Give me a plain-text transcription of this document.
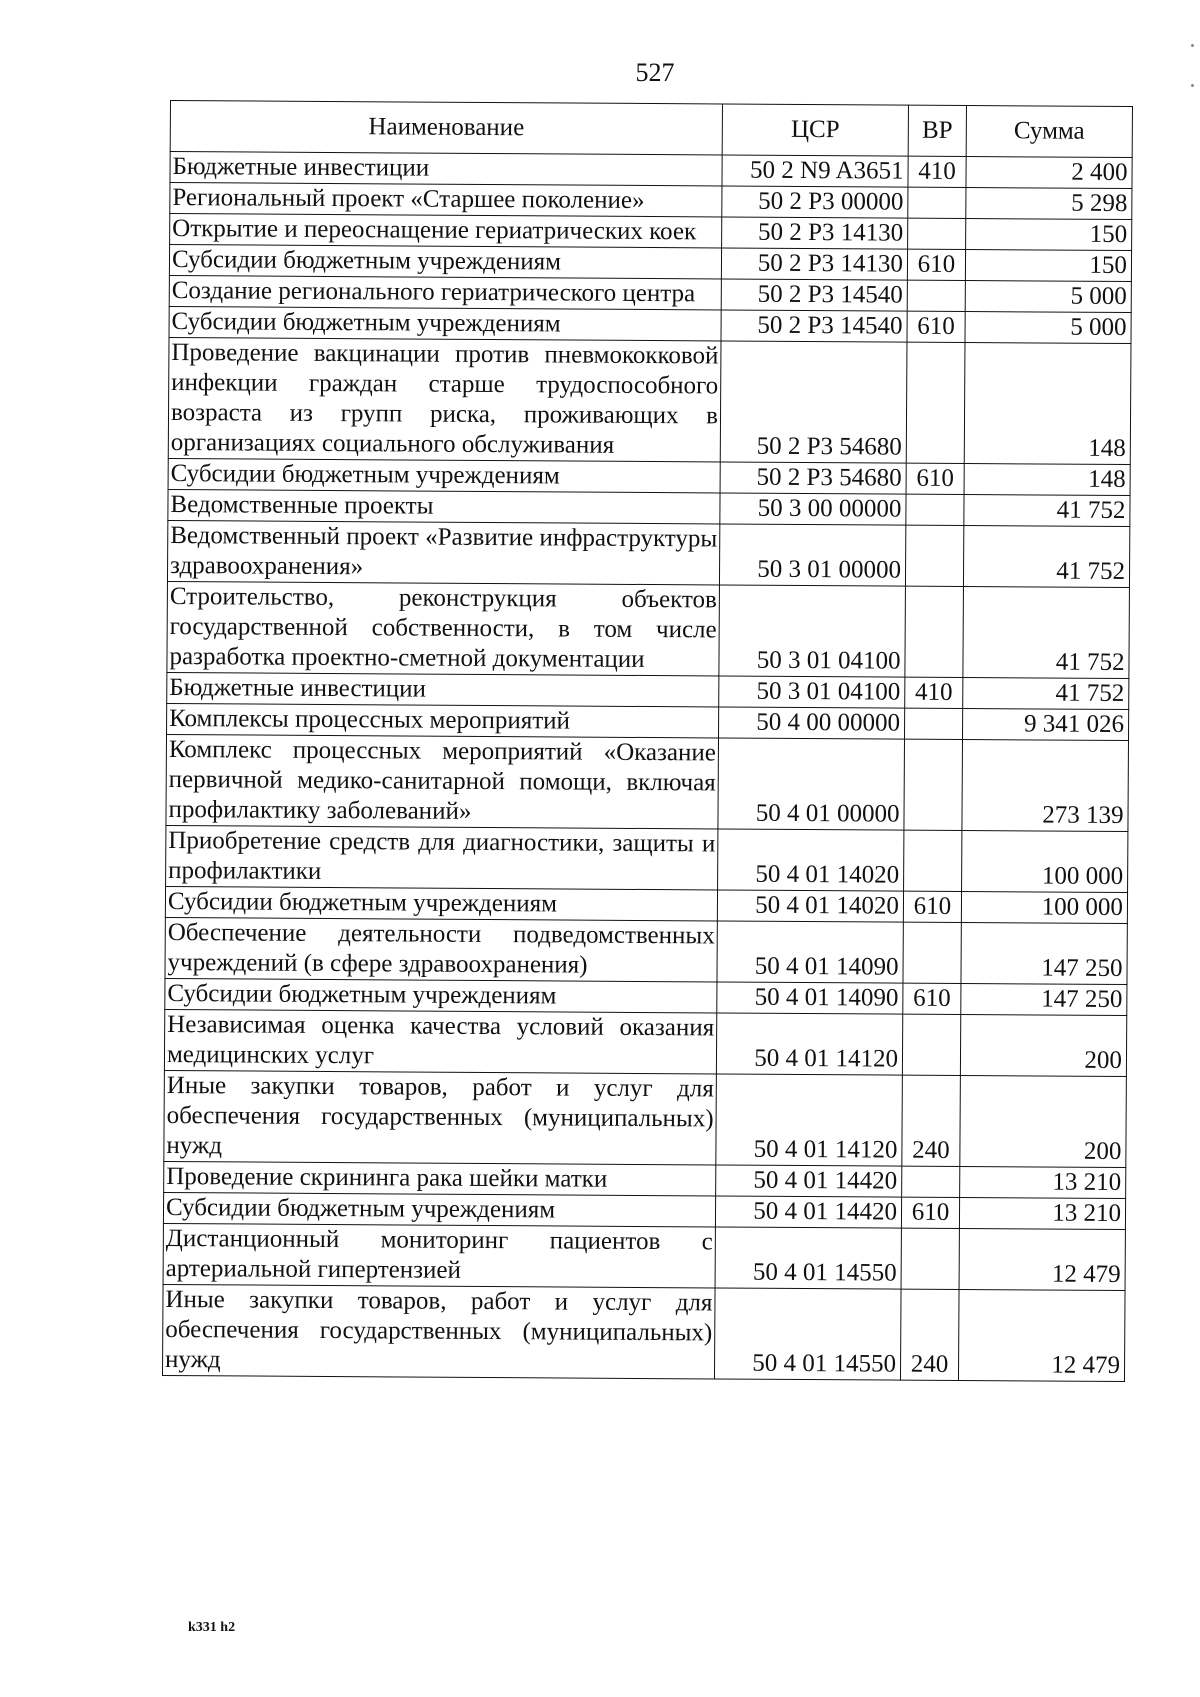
527
Наименование	ЦСР	ВР	Сумма
Бюджетные инвестиции	50 2 N9 A3651	410	2 400
Региональный проект «Старшее поколение»	50 2 P3 00000		5 298
Открытие и переоснащение гериатрических коек	50 2 P3 14130		150
Субсидии бюджетным учреждениям	50 2 P3 14130	610	150
Создание регионального гериатрического центра	50 2 P3 14540		5 000
Субсидии бюджетным учреждениям	50 2 P3 14540	610	5 000
Проведение вакцинации против пневмококковой инфекции граждан старше трудоспособного возраста из групп риска, проживающих в организациях социального обслуживания	50 2 P3 54680		148
Субсидии бюджетным учреждениям	50 2 P3 54680	610	148
Ведомственные проекты	50 3 00 00000		41 752
Ведомственный проект «Развитие инфраструктуры здравоохранения»	50 3 01 00000		41 752
Строительство, реконструкция объектов государственной собственности, в том числе разработка проектно-сметной документации	50 3 01 04100		41 752
Бюджетные инвестиции	50 3 01 04100	410	41 752
Комплексы процессных мероприятий	50 4 00 00000		9 341 026
Комплекс процессных мероприятий «Оказание первичной медико-санитарной помощи, включая профилактику заболеваний»	50 4 01 00000		273 139
Приобретение средств для диагностики, защиты и профилактики	50 4 01 14020		100 000
Субсидии бюджетным учреждениям	50 4 01 14020	610	100 000
Обеспечение деятельности подведомственных учреждений (в сфере здравоохранения)	50 4 01 14090		147 250
Субсидии бюджетным учреждениям	50 4 01 14090	610	147 250
Независимая оценка качества условий оказания медицинских услуг	50 4 01 14120		200
Иные закупки товаров, работ и услуг для обеспечения государственных (муниципальных) нужд	50 4 01 14120	240	200
Проведение скрининга рака шейки матки	50 4 01 14420		13 210
Субсидии бюджетным учреждениям	50 4 01 14420	610	13 210
Дистанционный мониторинг пациентов с артериальной гипертензией	50 4 01 14550		12 479
Иные закупки товаров, работ и услуг для обеспечения государственных (муниципальных) нужд	50 4 01 14550	240	12 479
k331 h2
